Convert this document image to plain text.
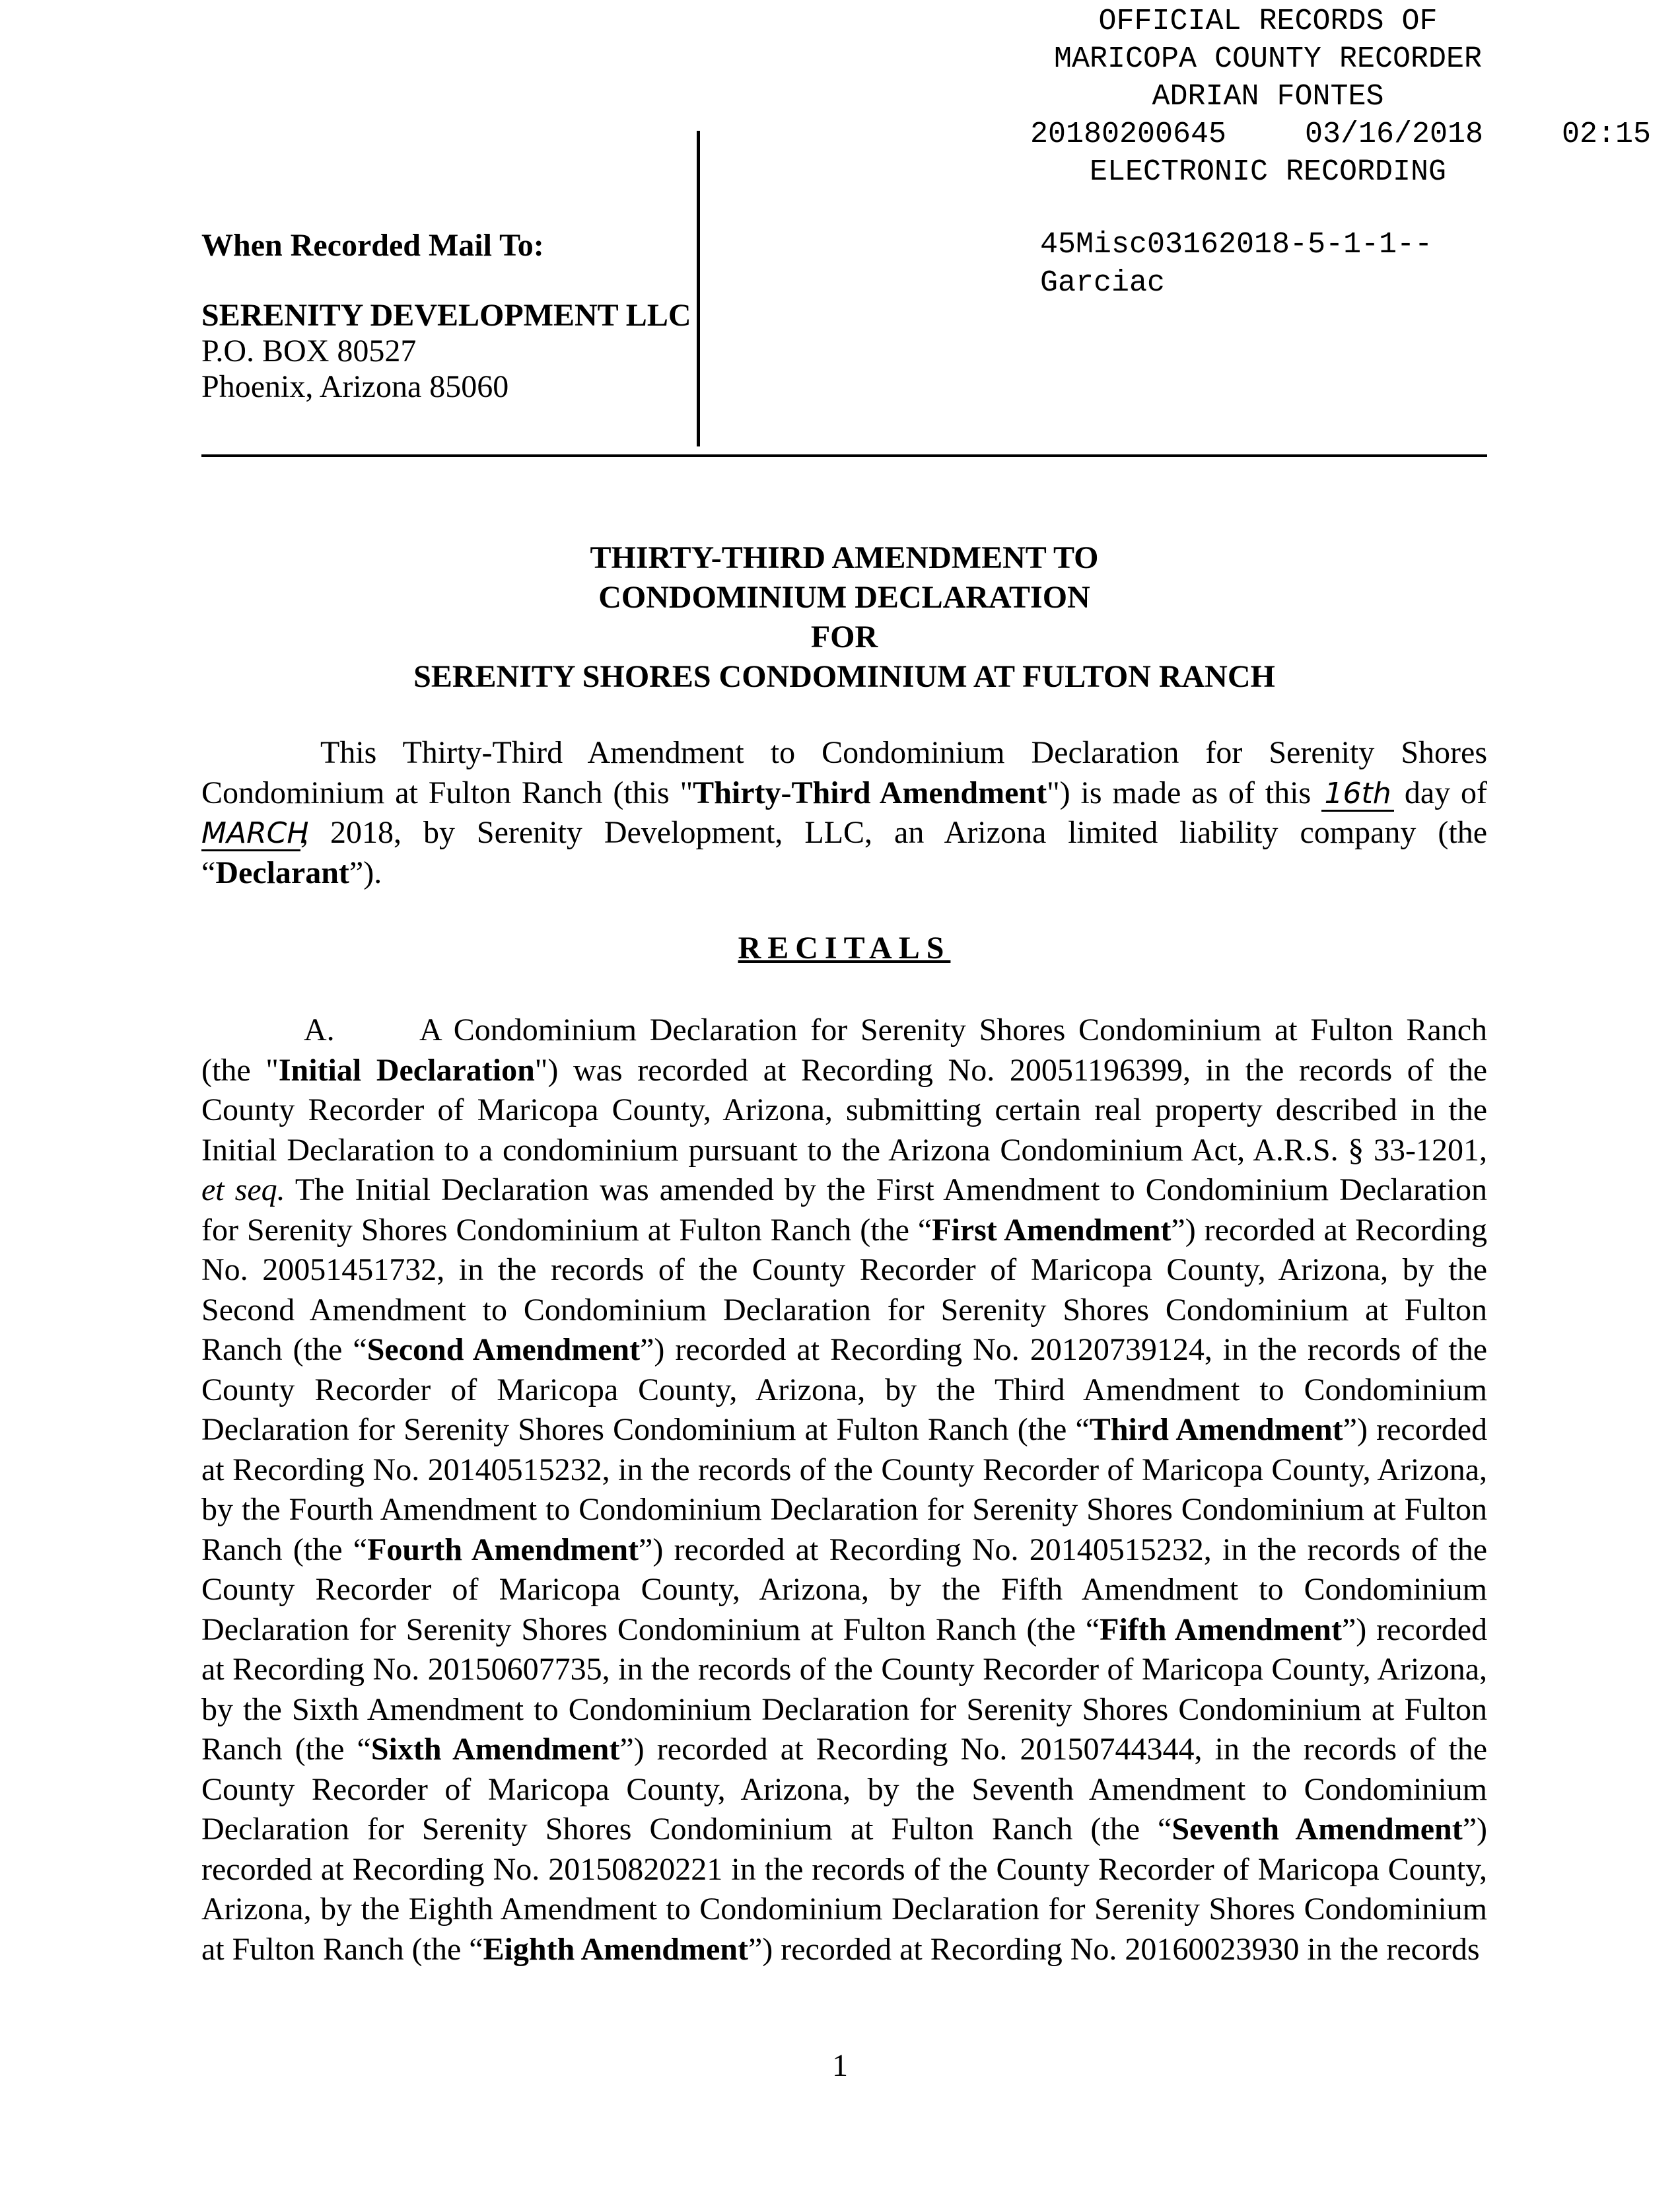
OFFICIAL RECORDS OF
MARICOPA COUNTY RECORDER
ADRIAN FONTES
20180200645	03/16/2018	02:15
ELECTRONIC RECORDING
When Recorded Mail To:
SERENITY DEVELOPMENT LLC
P.O. BOX 80527
Phoenix, Arizona 85060
45Misc03162018-5-1-1--
Garciac
THIRTY-THIRD AMENDMENT TO
CONDOMINIUM DECLARATION
FOR
SERENITY SHORES CONDOMINIUM AT FULTON RANCH
This Thirty-Third Amendment to Condominium Declaration for Serenity Shores Condominium at Fulton Ranch (this "Thirty-Third Amendment") is made as of this 16th day of MARCH, 2018, by Serenity Development, LLC, an Arizona limited liability company (the “Declarant”).
RECITALS
A.	A Condominium Declaration for Serenity Shores Condominium at Fulton Ranch (the "Initial Declaration") was recorded at Recording No. 20051196399, in the records of the County Recorder of Maricopa County, Arizona, submitting certain real property described in the Initial Declaration to a condominium pursuant to the Arizona Condominium Act, A.R.S. § 33-1201, et seq. The Initial Declaration was amended by the First Amendment to Condominium Declaration for Serenity Shores Condominium at Fulton Ranch (the “First Amendment”) recorded at Recording No. 20051451732, in the records of the County Recorder of Maricopa County, Arizona, by the Second Amendment to Condominium Declaration for Serenity Shores Condominium at Fulton Ranch (the “Second Amendment”) recorded at Recording No. 20120739124, in the records of the County Recorder of Maricopa County, Arizona, by the Third Amendment to Condominium Declaration for Serenity Shores Condominium at Fulton Ranch (the “Third Amendment”) recorded at Recording No. 20140515232, in the records of the County Recorder of Maricopa County, Arizona, by the Fourth Amendment to Condominium Declaration for Serenity Shores Condominium at Fulton Ranch (the “Fourth Amendment”) recorded at Recording No. 20140515232, in the records of the County Recorder of Maricopa County, Arizona, by the Fifth Amendment to Condominium Declaration for Serenity Shores Condominium at Fulton Ranch (the “Fifth Amendment”) recorded at Recording No. 20150607735, in the records of the County Recorder of Maricopa County, Arizona, by the Sixth Amendment to Condominium Declaration for Serenity Shores Condominium at Fulton Ranch (the “Sixth Amendment”) recorded at Recording No. 20150744344, in the records of the County Recorder of Maricopa County, Arizona, by the Seventh Amendment to Condominium Declaration for Serenity Shores Condominium at Fulton Ranch (the “Seventh Amendment”) recorded at Recording No. 20150820221 in the records of the County Recorder of Maricopa County, Arizona, by the Eighth Amendment to Condominium Declaration for Serenity Shores Condominium at Fulton Ranch (the “Eighth Amendment”) recorded at Recording No. 20160023930 in the records
1
